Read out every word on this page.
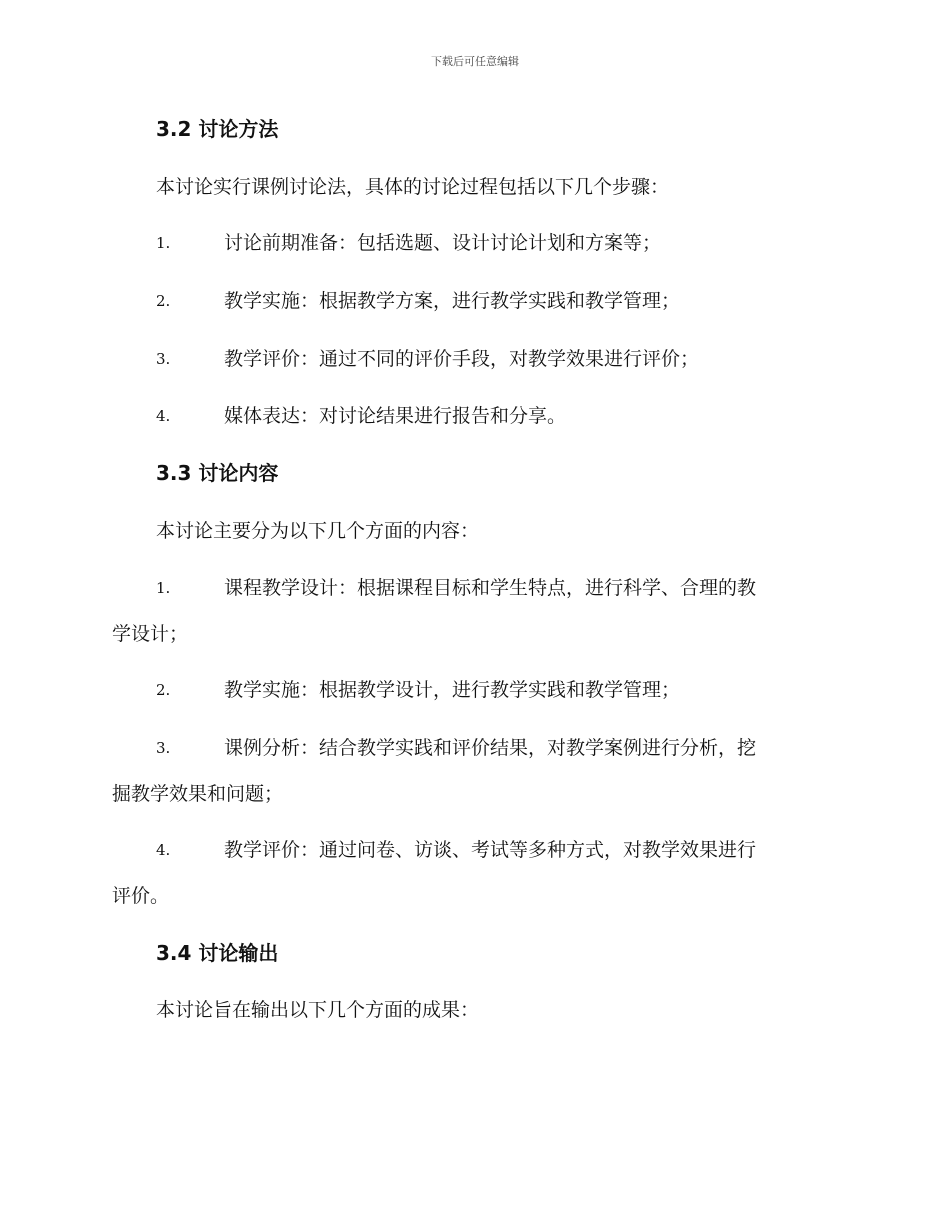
下载后可任意编辑
3.2 讨论方法
本讨论实行课例讨论法，具体的讨论过程包括以下几个步骤：
1.	讨论前期准备：包括选题、设计讨论计划和方案等；
2.	教学实施：根据教学方案，进行教学实践和教学管理；
3.	教学评价：通过不同的评价手段，对教学效果进行评价；
4.	媒体表达：对讨论结果进行报告和分享。
3.3 讨论内容
本讨论主要分为以下几个方面的内容：
1.	课程教学设计：根据课程目标和学生特点，进行科学、合理的教
学设计；
2.	教学实施：根据教学设计，进行教学实践和教学管理；
3.	课例分析：结合教学实践和评价结果，对教学案例进行分析，挖
掘教学效果和问题；
4.	教学评价：通过问卷、访谈、考试等多种方式，对教学效果进行
评价。
3.4 讨论输出
本讨论旨在输出以下几个方面的成果：
